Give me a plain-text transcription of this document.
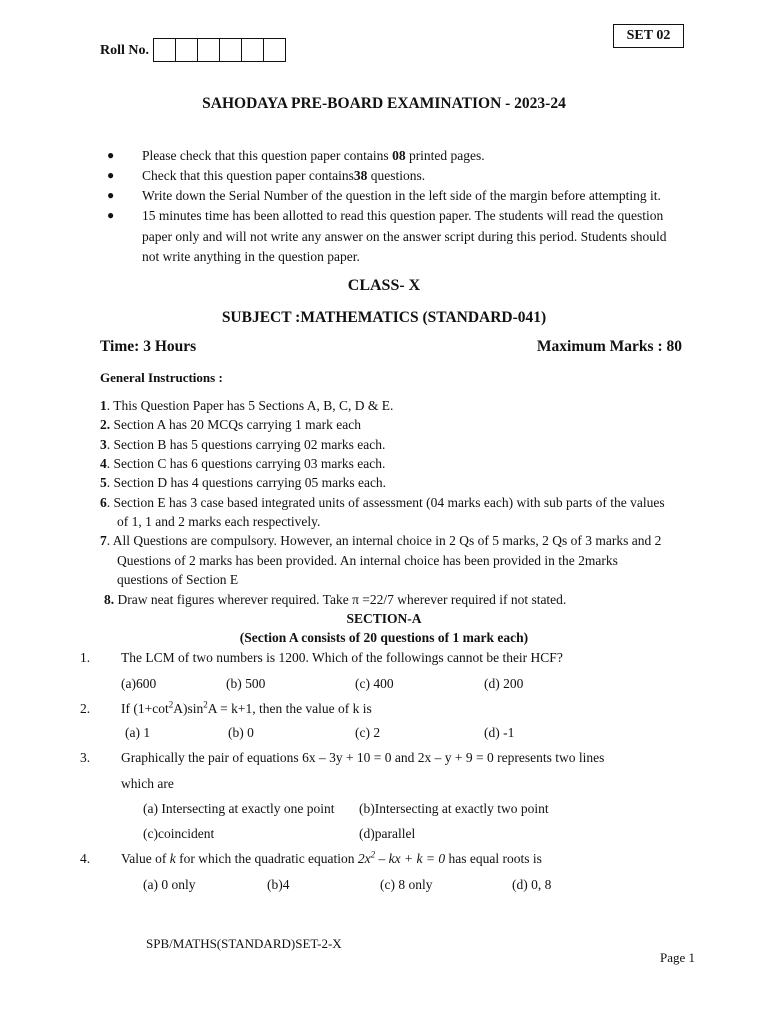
SET 02
Roll No.
SAHODAYA PRE-BOARD EXAMINATION - 2023-24
●	Please check that this question paper contains 08 printed pages.
●	Check that this question paper contains38 questions.
●	Write down the Serial Number of the question in the left side of the margin before attempting it.
●	15 minutes time has been allotted to read this question paper. The students will read the question
paper only and will not write any answer on the answer script during this period. Students should
not write anything in the question paper.
CLASS- X
SUBJECT :MATHEMATICS (STANDARD-041)
Time: 3 Hours	Maximum Marks : 80
General Instructions :
1. This Question Paper has 5 Sections A, B, C, D & E.
2. Section A has 20 MCQs carrying 1 mark each
3. Section B has 5 questions carrying 02 marks each.
4. Section C has 6 questions carrying 03 marks each.
5. Section D has 4 questions carrying 05 marks each.
6. Section E has 3 case based integrated units of assessment (04 marks each) with sub parts of the values
of 1, 1 and 2 marks each respectively.
7. All Questions are compulsory. However, an internal choice in 2 Qs of 5 marks, 2 Qs of 3 marks and 2
Questions of 2 marks has been provided. An internal choice has been provided in the 2marks
questions of Section E
8. Draw neat figures wherever required. Take π =22/7 wherever required if not stated.
SECTION-A
(Section A consists of 20 questions of 1 mark each)
1. The LCM of two numbers is 1200. Which of the followings cannot be their HCF?
(a)600	(b) 500	(c) 400	(d) 200
2. If $(1+\cot^2A)\sin^2A = k+1$, then the value of k is
(a) 1	(b) 0	(c) 2	(d) -1
3. Graphically the pair of equations 6x – 3y + 10 = 0 and 2x – y + 9 = 0 represents two lines
which are
(a) Intersecting at exactly one point (b)Intersecting at exactly two point
(c)coincident	(d)parallel
4. Value of k for which the quadratic equation $2x^2$ – kx + k = 0 has equal roots is
(a) 0 only	(b)4	(c) 8 only	(d) 0, 8
SPB/MATHS(STANDARD)SET-2-X
Page 1
